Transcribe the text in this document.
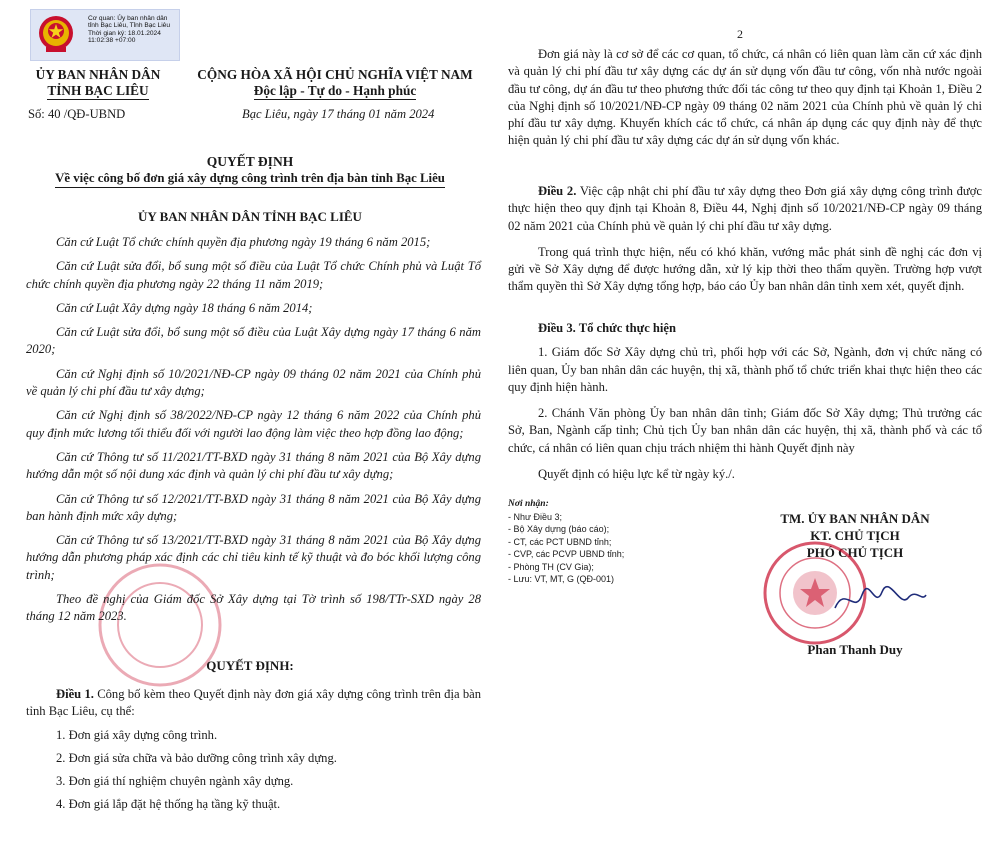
Cơ quan: Ủy ban nhân dân tỉnh Bạc Liêu, Tỉnh Bạc Liêu
Thời gian ký: 18.01.2024 11:02:38 +07:00
ỦY BAN NHÂN DÂN
TỈNH BẠC LIÊU
Số: 40 /QĐ-UBND
CỘNG HÒA XÃ HỘI CHỦ NGHĨA VIỆT NAM
Độc lập - Tự do - Hạnh phúc
Bạc Liêu, ngày 17 tháng 01 năm 2024
QUYẾT ĐỊNH
Về việc công bố đơn giá xây dựng công trình trên địa bàn tỉnh Bạc Liêu
ỦY BAN NHÂN DÂN TỈNH BẠC LIÊU

Căn cứ Luật Tổ chức chính quyền địa phương ngày 19 tháng 6 năm 2015;

Căn cứ Luật sửa đổi, bổ sung một số điều của Luật Tổ chức Chính phủ và Luật Tổ chức chính quyền địa phương ngày 22 tháng 11 năm 2019;

Căn cứ Luật Xây dựng ngày 18 tháng 6 năm 2014;

Căn cứ Luật sửa đổi, bổ sung một số điều của Luật Xây dựng ngày 17 tháng 6 năm 2020;

Căn cứ Nghị định số 10/2021/NĐ-CP ngày 09 tháng 02 năm 2021 của Chính phủ về quản lý chi phí đầu tư xây dựng;

Căn cứ Nghị định số 38/2022/NĐ-CP ngày 12 tháng 6 năm 2022 của Chính phủ quy định mức lương tối thiểu đối với người lao động làm việc theo hợp đồng lao động;

Căn cứ Thông tư số 11/2021/TT-BXD ngày 31 tháng 8 năm 2021 của Bộ Xây dựng hướng dẫn một số nội dung xác định và quản lý chi phí đầu tư xây dựng;

Căn cứ Thông tư số 12/2021/TT-BXD ngày 31 tháng 8 năm 2021 của Bộ Xây dựng ban hành định mức xây dựng;

Căn cứ Thông tư số 13/2021/TT-BXD ngày 31 tháng 8 năm 2021 của Bộ Xây dựng hướng dẫn phương pháp xác định các chỉ tiêu kinh tế kỹ thuật và đo bóc khối lượng công trình;

Theo đề nghị của Giám đốc Sở Xây dựng tại Tờ trình số 198/TTr-SXD ngày 28 tháng 12 năm 2023.

QUYẾT ĐỊNH:

Điều 1. Công bố kèm theo Quyết định này đơn giá xây dựng công trình trên địa bàn tỉnh Bạc Liêu, cụ thể:

1. Đơn giá xây dựng công trình.

2. Đơn giá sửa chữa và bảo dưỡng công trình xây dựng.

3. Đơn giá thí nghiệm chuyên ngành xây dựng.

4. Đơn giá lắp đặt hệ thống hạ tầng kỹ thuật.

2

Đơn giá này là cơ sở để các cơ quan, tổ chức, cá nhân có liên quan làm căn cứ xác định và quản lý chi phí đầu tư xây dựng các dự án sử dụng vốn đầu tư công, vốn nhà nước ngoài đầu tư công, dự án đầu tư theo phương thức đối tác công tư theo quy định tại Khoản 1, Điều 2 của Nghị định số 10/2021/NĐ-CP ngày 09 tháng 02 năm 2021 của Chính phủ về quản lý chi phí đầu tư xây dựng. Khuyến khích các tổ chức, cá nhân áp dụng các quy định này để thực hiện quản lý chi phí đầu tư xây dựng các dự án sử dụng vốn khác.

Điều 2. Việc cập nhật chi phí đầu tư xây dựng theo Đơn giá xây dựng công trình được thực hiện theo quy định tại Khoản 8, Điều 44, Nghị định số 10/2021/NĐ-CP ngày 09 tháng 02 năm 2021 của Chính phủ về quản lý chi phí đầu tư xây dựng.

Trong quá trình thực hiện, nếu có khó khăn, vướng mắc phát sinh đề nghị các đơn vị gửi về Sở Xây dựng để được hướng dẫn, xử lý kịp thời theo thẩm quyền. Trường hợp vượt thẩm quyền thì Sở Xây dựng tổng hợp, báo cáo Ủy ban nhân dân tỉnh xem xét, quyết định.

Điều 3. Tổ chức thực hiện

1. Giám đốc Sở Xây dựng chủ trì, phối hợp với các Sở, Ngành, đơn vị chức năng có liên quan, Ủy ban nhân dân các huyện, thị xã, thành phố tổ chức triển khai thực hiện theo các quy định hiện hành.

2. Chánh Văn phòng Ủy ban nhân dân tỉnh; Giám đốc Sở Xây dựng; Thủ trưởng các Sở, Ban, Ngành cấp tỉnh; Chủ tịch Ủy ban nhân dân các huyện, thị xã, thành phố và các tổ chức, cá nhân có liên quan chịu trách nhiệm thi hành Quyết định này

Quyết định có hiệu lực kể từ ngày ký./.

Nơi nhận:
- Như Điều 3;
- Bộ Xây dựng (báo cáo);
- CT, các PCT UBND tỉnh;
- CVP, các PCVP UBND tỉnh;
- Phòng TH (CV Gia);
- Lưu: VT, MT, G (QĐ-001)
TM. ỦY BAN NHÂN DÂN
KT. CHỦ TỊCH
PHÓ CHỦ TỊCH
Phan Thanh Duy
